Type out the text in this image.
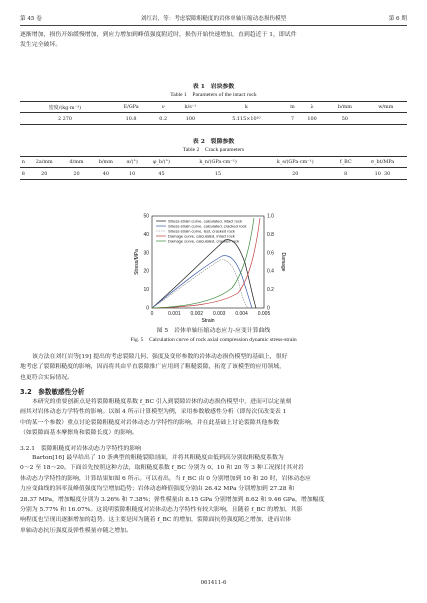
第 45 卷	刘红岩，等：考虑裂隙粗糙度的岩体单轴压缩动态损伤模型	第 6 期

逐渐增加，损伤开始缓慢增加，到应力增加到峰值强度附近时，损伤开始快速增加，直到趋近于 1，即试件

发生完全破坏。

表 1　岩块参数
Table 1　Parameters of the intact rock
密度/(kg·m⁻³)	E/GPa	ν	k/s⁻¹	k	m	λ	b/mm	w/mm
2 270	10.8	0.2	100	5.115×10¹⁰	7	100	50	
表 2　裂隙参数
Table 2　Crack parameters
n	2a/mm	d/mm	b/mm	α/(°)	φ_b/(°)	k_n/(GPa·cm⁻¹)	k_s/(GPa·cm⁻¹)	f_BC	σ_bt/MPa
8	20	20	40	10	45	15	20	8	10 30
0	0.001 0.002 0.003 0.004 0.005
0
10
20
30
40
50
0
0.2
0.4
0.6
0.8
1.0
Strain
Stress/MPa	Damage
Stress-strain curve, calculated, intact rock
Stress-strain curve, calculated, cracked rock
Stress-strain curve, test, cracked rock
Damage curve, calculated, intact rock
Damage curve, calculated, cracked rock
图 5　岩体单轴压缩动态应力-应变计算曲线
Fig. 5　Calculation curve of rock axial compression dynamic stress-strain

该方法在刘红岩等[19] 提出的考虑裂隙几何、强度及变形参数的岩体动态损伤模型的基础上，很好

地考虑了裂隙粗糙度的影响，因而将其由平直裂隙推广应用到了粗糙裂隙，拓宽了该模型的应用领域，

也更符合实际情况。

3.2　参数敏感性分析

本研究的重要创新点是将裂隙粗糙度系数 f_BC 引入到裂隙岩体的动态损伤模型中，进而可以定量刻

画其对岩体动态力学特性的影响。以图 4 所示计算模型为例，采用参数敏感性分析（即每次仅改变表 1

中的某一个参数）重点讨论裂隙粗糙度对岩体动态力学特性的影响，并在此基础上讨论裂隙其他参数

（如裂隙面基本摩擦角和裂隙长度）的影响。

3.2.1　裂隙粗糙度对岩体动态力学特性的影响

Barton[16] 最早给出了 10 条典型的粗糙裂隙剖面，并将其粗糙度由低到高分别取粗糙度系数为

0～2 至 18～20。下面首先按照这种方法，取粗糙度系数 f_BC 分别为 0、10 和 20 等 3 种工况探讨其对岩

体动态力学特性的影响，计算结果如图 6 所示。可以看出，当 f_BC 由 0 分别增加到 10 和 20 时，岩体动态应

力应变曲线的斜率及峰值强度均呈增加趋势；岩体动态峰值强度分别由 26.42 MPa 分别增加到 27.28 和

28.37 MPa，增加幅度分别为 3.26% 和 7.38%；弹性模量由 8.15 GPa 分别增加到 8.62 和 9.46 GPa，增加幅度

分别为 5.77% 和 16.07%。这说明裂隙粗糙度对岩体动态力学特性有较大影响，且随着 f_BC 的增加，其影

响程度也呈现出逐渐增加的趋势。这主要是因为随着 f_BC 的增加，裂隙面抗剪强度随之增加，进而岩体

单轴动态抗压强度及弹性模量亦随之增加。

061411-6
